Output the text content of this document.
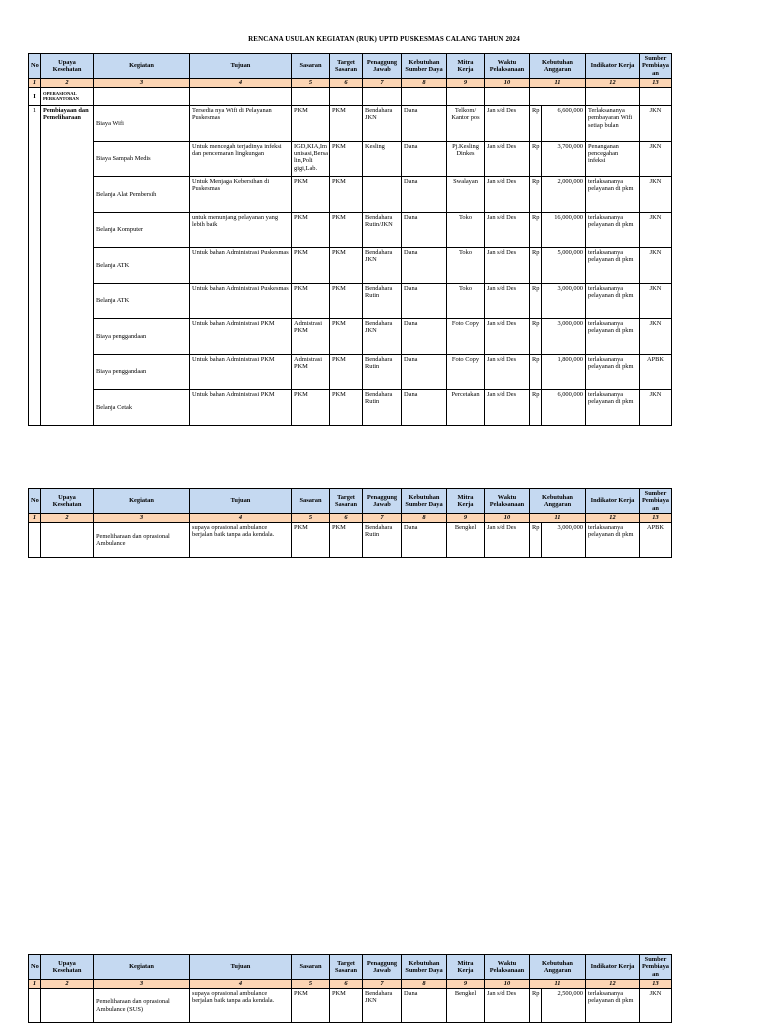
RENCANA USULAN KEGIATAN (RUK) UPTD PUSKESMAS CALANG TAHUN 2024
No	Upaya Kesehatan	Kegiatan	Tujuan	Sasaran	Target Sasaran	Penaggung Jawab	Kebutuhan Sumber Daya	Mitra Kerja	Waktu Pelaksanaan	Kebutuhan Anggaran		Indikator Kerja	Sumber Pembiaya an
1	2	3	4	5	6	7	8	9	10	11		12	13
I	OPERASIONAL PERKANTORAN												
1	Pembiayaan dan Pemeliharaan	Biaya Wifi	Tersedia nya Wifi di Pelayanan Puskesmas	PKM	PKM	Bendahara JKN	Dana	Telkom/ Kantor pos	Jan s/d Des	Rp	6,600,000	Terlaksananya pembayaran Wifi setiap bulan	JKN
		Biaya Sampah Medis	Untuk mencegah terjadinya infeksi dan pencemaran lingkungan	IGD,KIA,Im unisasi,Bersa lin,Poli gigi,Lab.	PKM	Kesling	Dana	Pj.Kesling Dinkes	Jan s/d Des	Rp	3,700,000	Penanganan pencegahan infeksi	JKN
		Belanja Alat Pembersih	Untuk Menjaga Kebersihan di Puskesmas	PKM	PKM		Dana	Swalayan	Jan s/d Des	Rp	2,000,000	terlaksananya pelayanan di pkm	JKN
		Belanja Komputer	untuk menunjang pelayanan yang lebih baik	PKM	PKM	Bendahara Rutin/JKN	Dana	Toko	Jan s/d Des	Rp	16,000,000	terlaksananya pelayanan di pkm	JKN
		Belanja ATK	Untuk bahan Administrasi Puskesmas	PKM	PKM	Bendahara JKN	Dana	Toko	Jan s/d Des	Rp	5,000,000	terlaksananya pelayanan di pkm	JKN
		Belanja ATK	Untuk bahan Administrasi Puskesmas	PKM	PKM	Bendahara Rutin	Dana	Toko	Jan s/d Des	Rp	3,000,000	terlaksananya pelayanan di pkm	JKN
		Biaya penggandaan	Untuk bahan Administrasi PKM	Admistrasi PKM	PKM	Bendahara JKN	Dana	Foto Copy	Jan s/d Des	Rp	3,000,000	terlaksananya pelayanan di pkm	JKN
		Biaya penggandaan	Untuk bahan Administrasi PKM	Admistrasi PKM	PKM	Bendahara Rutin	Dana	Foto Copy	Jan s/d Des	Rp	1,800,000	terlaksananya pelayanan di pkm	APBK
		Belanja Cetak	Untuk bahan Administrasi PKM	PKM	PKM	Bendahara Rutin	Dana	Percetakan	Jan s/d Des	Rp	6,000,000	terlaksananya pelayanan di pkm	JKN
No	Upaya Kesehatan	Kegiatan	Tujuan	Sasaran	Target Sasaran	Penaggung Jawab	Kebutuhan Sumber Daya	Mitra Kerja	Waktu Pelaksanaan	Kebutuhan Anggaran		Indikator Kerja	Sumber Pembiaya an
1	2	3	4	5	6	7	8	9	10	11		12	13
		Pemeliharaan dan oprasional Ambulance	supaya oprasional ambulance berjalan baik tanpa ada kendala.	PKM	PKM	Bendahara Rutin	Dana	Bengkel	Jan s/d Des	Rp	3,000,000	terlaksananya pelayanan di pkm	APBK
No	Upaya Kesehatan	Kegiatan	Tujuan	Sasaran	Target Sasaran	Penaggung Jawab	Kebutuhan Sumber Daya	Mitra Kerja	Waktu Pelaksanaan	Kebutuhan Anggaran		Indikator Kerja	Sumber Pembiaya an
1	2	3	4	5	6	7	8	9	10	11		12	13
		Pemeliharaan dan oprasional Ambulance (SUS)	supaya oprasional ambulance berjalan baik tanpa ada kendala.	PKM	PKM	Bendahara JKN	Dana	Bengkel	Jan s/d Des	Rp	2,500,000	terlaksananya pelayanan di pkm	JKN
